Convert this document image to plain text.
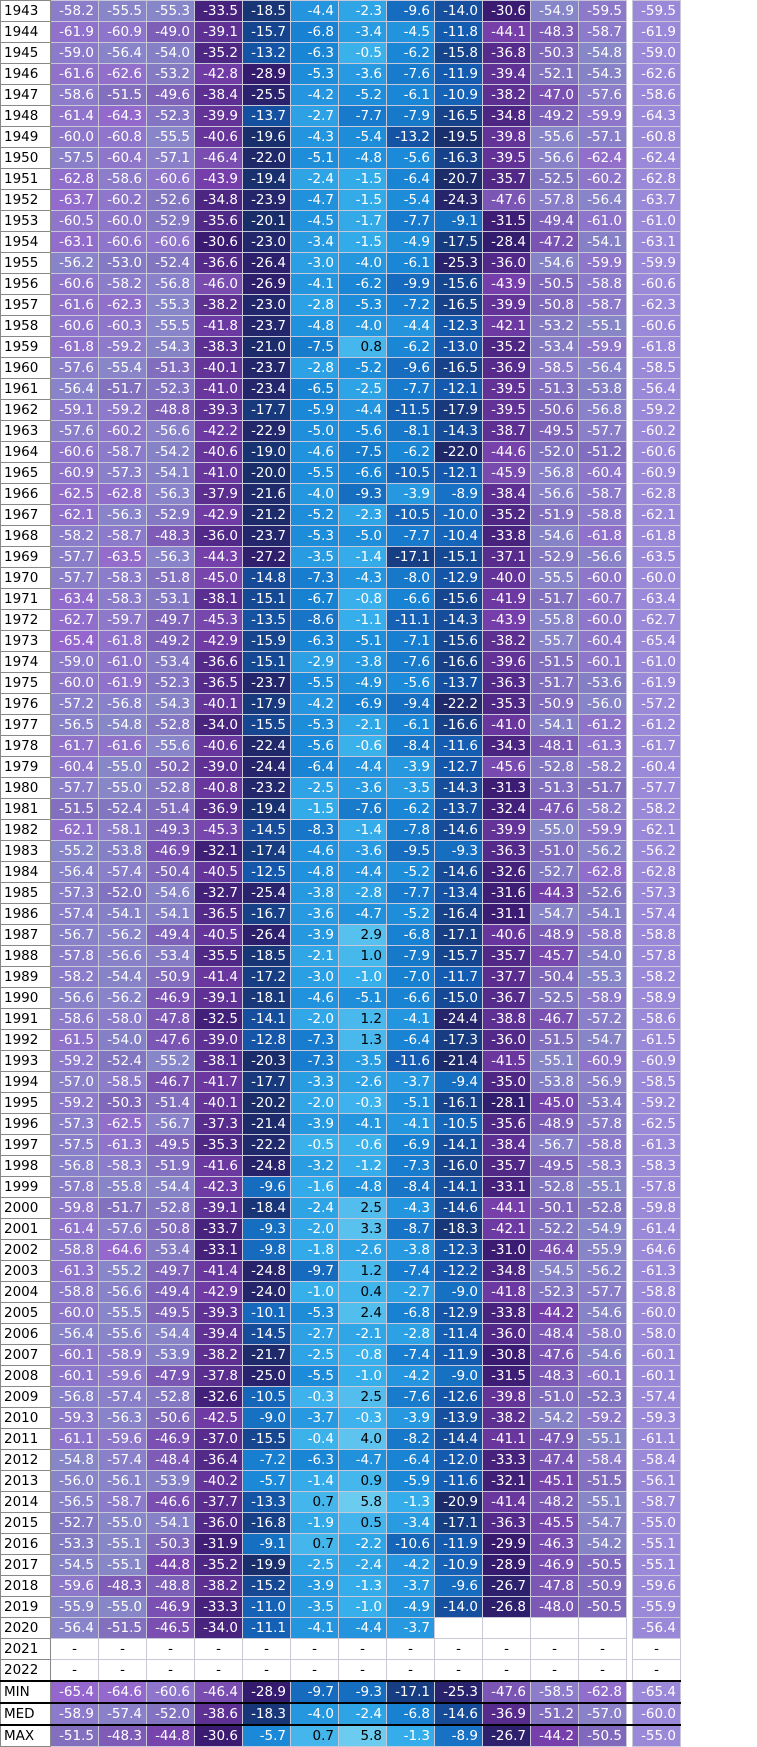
1943	-58.2	-55.5	-55.3	-33.5	-18.5	-4.4	-2.3	-9.6	-14.0	-30.6	-54.9	-59.5		-59.5
1944	-61.9	-60.9	-49.0	-39.1	-15.7	-6.8	-3.4	-4.5	-11.8	-44.1	-48.3	-58.7		-61.9
1945	-59.0	-56.4	-54.0	-35.2	-13.2	-6.3	-0.5	-6.2	-15.8	-36.8	-50.3	-54.8		-59.0
1946	-61.6	-62.6	-53.2	-42.8	-28.9	-5.3	-3.6	-7.6	-11.9	-39.4	-52.1	-54.3		-62.6
1947	-58.6	-51.5	-49.6	-38.4	-25.5	-4.2	-5.2	-6.1	-10.9	-38.2	-47.0	-57.6		-58.6
1948	-61.4	-64.3	-52.3	-39.9	-13.7	-2.7	-7.7	-7.9	-16.5	-34.8	-49.2	-59.9		-64.3
1949	-60.0	-60.8	-55.5	-40.6	-19.6	-4.3	-5.4	-13.2	-19.5	-39.8	-55.6	-57.1		-60.8
1950	-57.5	-60.4	-57.1	-46.4	-22.0	-5.1	-4.8	-5.6	-16.3	-39.5	-56.6	-62.4		-62.4
1951	-62.8	-58.6	-60.6	-43.9	-19.4	-2.4	-1.5	-6.4	-20.7	-35.7	-52.5	-60.2		-62.8
1952	-63.7	-60.2	-52.6	-34.8	-23.9	-4.7	-1.5	-5.4	-24.3	-47.6	-57.8	-56.4		-63.7
1953	-60.5	-60.0	-52.9	-35.6	-20.1	-4.5	-1.7	-7.7	-9.1	-31.5	-49.4	-61.0		-61.0
1954	-63.1	-60.6	-60.6	-30.6	-23.0	-3.4	-1.5	-4.9	-17.5	-28.4	-47.2	-54.1		-63.1
1955	-56.2	-53.0	-52.4	-36.6	-26.4	-3.0	-4.0	-6.1	-25.3	-36.0	-54.6	-59.9		-59.9
1956	-60.6	-58.2	-56.8	-46.0	-26.9	-4.1	-6.2	-9.9	-15.6	-43.9	-50.5	-58.8		-60.6
1957	-61.6	-62.3	-55.3	-38.2	-23.0	-2.8	-5.3	-7.2	-16.5	-39.9	-50.8	-58.7		-62.3
1958	-60.6	-60.3	-55.5	-41.8	-23.7	-4.8	-4.0	-4.4	-12.3	-42.1	-53.2	-55.1		-60.6
1959	-61.8	-59.2	-54.3	-38.3	-21.0	-7.5	0.8	-6.2	-13.0	-35.2	-53.4	-59.9		-61.8
1960	-57.6	-55.4	-51.3	-40.1	-23.7	-2.8	-5.2	-9.6	-16.5	-36.9	-58.5	-56.4		-58.5
1961	-56.4	-51.7	-52.3	-41.0	-23.4	-6.5	-2.5	-7.7	-12.1	-39.5	-51.3	-53.8		-56.4
1962	-59.1	-59.2	-48.8	-39.3	-17.7	-5.9	-4.4	-11.5	-17.9	-39.5	-50.6	-56.8		-59.2
1963	-57.6	-60.2	-56.6	-42.2	-22.9	-5.0	-5.6	-8.1	-14.3	-38.7	-49.5	-57.7		-60.2
1964	-60.6	-58.7	-54.2	-40.6	-19.0	-4.6	-7.5	-6.2	-22.0	-44.6	-52.0	-51.2		-60.6
1965	-60.9	-57.3	-54.1	-41.0	-20.0	-5.5	-6.6	-10.5	-12.1	-45.9	-56.8	-60.4		-60.9
1966	-62.5	-62.8	-56.3	-37.9	-21.6	-4.0	-9.3	-3.9	-8.9	-38.4	-56.6	-58.7		-62.8
1967	-62.1	-56.3	-52.9	-42.9	-21.2	-5.2	-2.3	-10.5	-10.0	-35.2	-51.9	-58.8		-62.1
1968	-58.2	-58.7	-48.3	-36.0	-23.7	-5.3	-5.0	-7.7	-10.4	-33.8	-54.6	-61.8		-61.8
1969	-57.7	-63.5	-56.3	-44.3	-27.2	-3.5	-1.4	-17.1	-15.1	-37.1	-52.9	-56.6		-63.5
1970	-57.7	-58.3	-51.8	-45.0	-14.8	-7.3	-4.3	-8.0	-12.9	-40.0	-55.5	-60.0		-60.0
1971	-63.4	-58.3	-53.1	-38.1	-15.1	-6.7	-0.8	-6.6	-15.6	-41.9	-51.7	-60.7		-63.4
1972	-62.7	-59.7	-49.7	-45.3	-13.5	-8.6	-1.1	-11.1	-14.3	-43.9	-55.8	-60.0		-62.7
1973	-65.4	-61.8	-49.2	-42.9	-15.9	-6.3	-5.1	-7.1	-15.6	-38.2	-55.7	-60.4		-65.4
1974	-59.0	-61.0	-53.4	-36.6	-15.1	-2.9	-3.8	-7.6	-16.6	-39.6	-51.5	-60.1		-61.0
1975	-60.0	-61.9	-52.3	-36.5	-23.7	-5.5	-4.9	-5.6	-13.7	-36.3	-51.7	-53.6		-61.9
1976	-57.2	-56.8	-54.3	-40.1	-17.9	-4.2	-6.9	-9.4	-22.2	-35.3	-50.9	-56.0		-57.2
1977	-56.5	-54.8	-52.8	-34.0	-15.5	-5.3	-2.1	-6.1	-16.6	-41.0	-54.1	-61.2		-61.2
1978	-61.7	-61.6	-55.6	-40.6	-22.4	-5.6	-0.6	-8.4	-11.6	-34.3	-48.1	-61.3		-61.7
1979	-60.4	-55.0	-50.2	-39.0	-24.4	-6.4	-4.4	-3.9	-12.7	-45.6	-52.8	-58.2		-60.4
1980	-57.7	-55.0	-52.8	-40.8	-23.2	-2.5	-3.6	-3.5	-14.3	-31.3	-51.3	-51.7		-57.7
1981	-51.5	-52.4	-51.4	-36.9	-19.4	-1.5	-7.6	-6.2	-13.7	-32.4	-47.6	-58.2		-58.2
1982	-62.1	-58.1	-49.3	-45.3	-14.5	-8.3	-1.4	-7.8	-14.6	-39.9	-55.0	-59.9		-62.1
1983	-55.2	-53.8	-46.9	-32.1	-17.4	-4.6	-3.6	-9.5	-9.3	-36.3	-51.0	-56.2		-56.2
1984	-56.4	-57.4	-50.4	-40.5	-12.5	-4.8	-4.4	-5.2	-14.6	-32.6	-52.7	-62.8		-62.8
1985	-57.3	-52.0	-54.6	-32.7	-25.4	-3.8	-2.8	-7.7	-13.4	-31.6	-44.3	-52.6		-57.3
1986	-57.4	-54.1	-54.1	-36.5	-16.7	-3.6	-4.7	-5.2	-16.4	-31.1	-54.7	-54.1		-57.4
1987	-56.7	-56.2	-49.4	-40.5	-26.4	-3.9	2.9	-6.8	-17.1	-40.6	-48.9	-58.8		-58.8
1988	-57.8	-56.6	-53.4	-35.5	-18.5	-2.1	1.0	-7.9	-15.7	-35.7	-45.7	-54.0		-57.8
1989	-58.2	-54.4	-50.9	-41.4	-17.2	-3.0	-1.0	-7.0	-11.7	-37.7	-50.4	-55.3		-58.2
1990	-56.6	-56.2	-46.9	-39.1	-18.1	-4.6	-5.1	-6.6	-15.0	-36.7	-52.5	-58.9		-58.9
1991	-58.6	-58.0	-47.8	-32.5	-14.1	-2.0	1.2	-4.1	-24.4	-38.8	-46.7	-57.2		-58.6
1992	-61.5	-54.0	-47.6	-39.0	-12.8	-7.3	1.3	-6.4	-17.3	-36.0	-51.5	-54.7		-61.5
1993	-59.2	-52.4	-55.2	-38.1	-20.3	-7.3	-3.5	-11.6	-21.4	-41.5	-55.1	-60.9		-60.9
1994	-57.0	-58.5	-46.7	-41.7	-17.7	-3.3	-2.6	-3.7	-9.4	-35.0	-53.8	-56.9		-58.5
1995	-59.2	-50.3	-51.4	-40.1	-20.2	-2.0	-0.3	-5.1	-16.1	-28.1	-45.0	-53.4		-59.2
1996	-57.3	-62.5	-56.7	-37.3	-21.4	-3.9	-4.1	-4.1	-10.5	-35.6	-48.9	-57.8		-62.5
1997	-57.5	-61.3	-49.5	-35.3	-22.2	-0.5	-0.6	-6.9	-14.1	-38.4	-56.7	-58.8		-61.3
1998	-56.8	-58.3	-51.9	-41.6	-24.8	-3.2	-1.2	-7.3	-16.0	-35.7	-49.5	-58.3		-58.3
1999	-57.8	-55.8	-54.4	-42.3	-9.6	-1.6	-4.8	-8.4	-14.1	-33.1	-52.8	-55.1		-57.8
2000	-59.8	-51.7	-52.8	-39.1	-18.4	-2.4	2.5	-4.3	-14.6	-44.1	-50.1	-52.8		-59.8
2001	-61.4	-57.6	-50.8	-33.7	-9.3	-2.0	3.3	-8.7	-18.3	-42.1	-52.2	-54.9		-61.4
2002	-58.8	-64.6	-53.4	-33.1	-9.8	-1.8	-2.6	-3.8	-12.3	-31.0	-46.4	-55.9		-64.6
2003	-61.3	-55.2	-49.7	-41.4	-24.8	-9.7	1.2	-7.4	-12.2	-34.8	-54.5	-56.2		-61.3
2004	-58.8	-56.6	-49.4	-42.9	-24.0	-1.0	0.4	-2.7	-9.0	-41.8	-52.3	-57.7		-58.8
2005	-60.0	-55.5	-49.5	-39.3	-10.1	-5.3	2.4	-6.8	-12.9	-33.8	-44.2	-54.6		-60.0
2006	-56.4	-55.6	-54.4	-39.4	-14.5	-2.7	-2.1	-2.8	-11.4	-36.0	-48.4	-58.0		-58.0
2007	-60.1	-58.9	-53.9	-38.2	-21.7	-2.5	-0.8	-7.4	-11.9	-30.8	-47.6	-54.6		-60.1
2008	-60.1	-59.6	-47.9	-37.8	-25.0	-5.5	-1.0	-4.2	-9.0	-31.5	-48.3	-60.1		-60.1
2009	-56.8	-57.4	-52.8	-32.6	-10.5	-0.3	2.5	-7.6	-12.6	-39.8	-51.0	-52.3		-57.4
2010	-59.3	-56.3	-50.6	-42.5	-9.0	-3.7	-0.3	-3.9	-13.9	-38.2	-54.2	-59.2		-59.3
2011	-61.1	-59.6	-46.9	-37.0	-15.5	-0.4	4.0	-8.2	-14.4	-41.1	-47.9	-55.1		-61.1
2012	-54.8	-57.4	-48.4	-36.4	-7.2	-6.3	-4.7	-6.4	-12.0	-33.3	-47.4	-58.4		-58.4
2013	-56.0	-56.1	-53.9	-40.2	-5.7	-1.4	0.9	-5.9	-11.6	-32.1	-45.1	-51.5		-56.1
2014	-56.5	-58.7	-46.6	-37.7	-13.3	0.7	5.8	-1.3	-20.9	-41.4	-48.2	-55.1		-58.7
2015	-52.7	-55.0	-54.1	-36.0	-16.8	-1.9	0.5	-3.4	-17.1	-36.3	-45.5	-54.7		-55.0
2016	-53.3	-55.1	-50.3	-31.9	-9.1	0.7	-2.2	-10.6	-11.9	-29.9	-46.3	-54.2		-55.1
2017	-54.5	-55.1	-44.8	-35.2	-19.9	-2.5	-2.4	-4.2	-10.9	-28.9	-46.9	-50.5		-55.1
2018	-59.6	-48.3	-48.8	-38.2	-15.2	-3.9	-1.3	-3.7	-9.6	-26.7	-47.8	-50.9		-59.6
2019	-55.9	-55.0	-46.9	-33.3	-11.0	-3.5	-1.0	-4.9	-14.0	-26.8	-48.0	-50.5		-55.9
2020	-56.4	-51.5	-46.5	-34.0	-11.1	-4.1	-4.4	-3.7						-56.4
2021	-	-	-	-	-	-	-	-	-	-	-	-		-
2022	-	-	-	-	-	-	-	-	-	-	-	-		-
MIN	-65.4	-64.6	-60.6	-46.4	-28.9	-9.7	-9.3	-17.1	-25.3	-47.6	-58.5	-62.8		-65.4
MED	-58.9	-57.4	-52.0	-38.6	-18.3	-4.0	-2.4	-6.8	-14.6	-36.9	-51.2	-57.0		-60.0
MAX	-51.5	-48.3	-44.8	-30.6	-5.7	0.7	5.8	-1.3	-8.9	-26.7	-44.2	-50.5		-55.0
